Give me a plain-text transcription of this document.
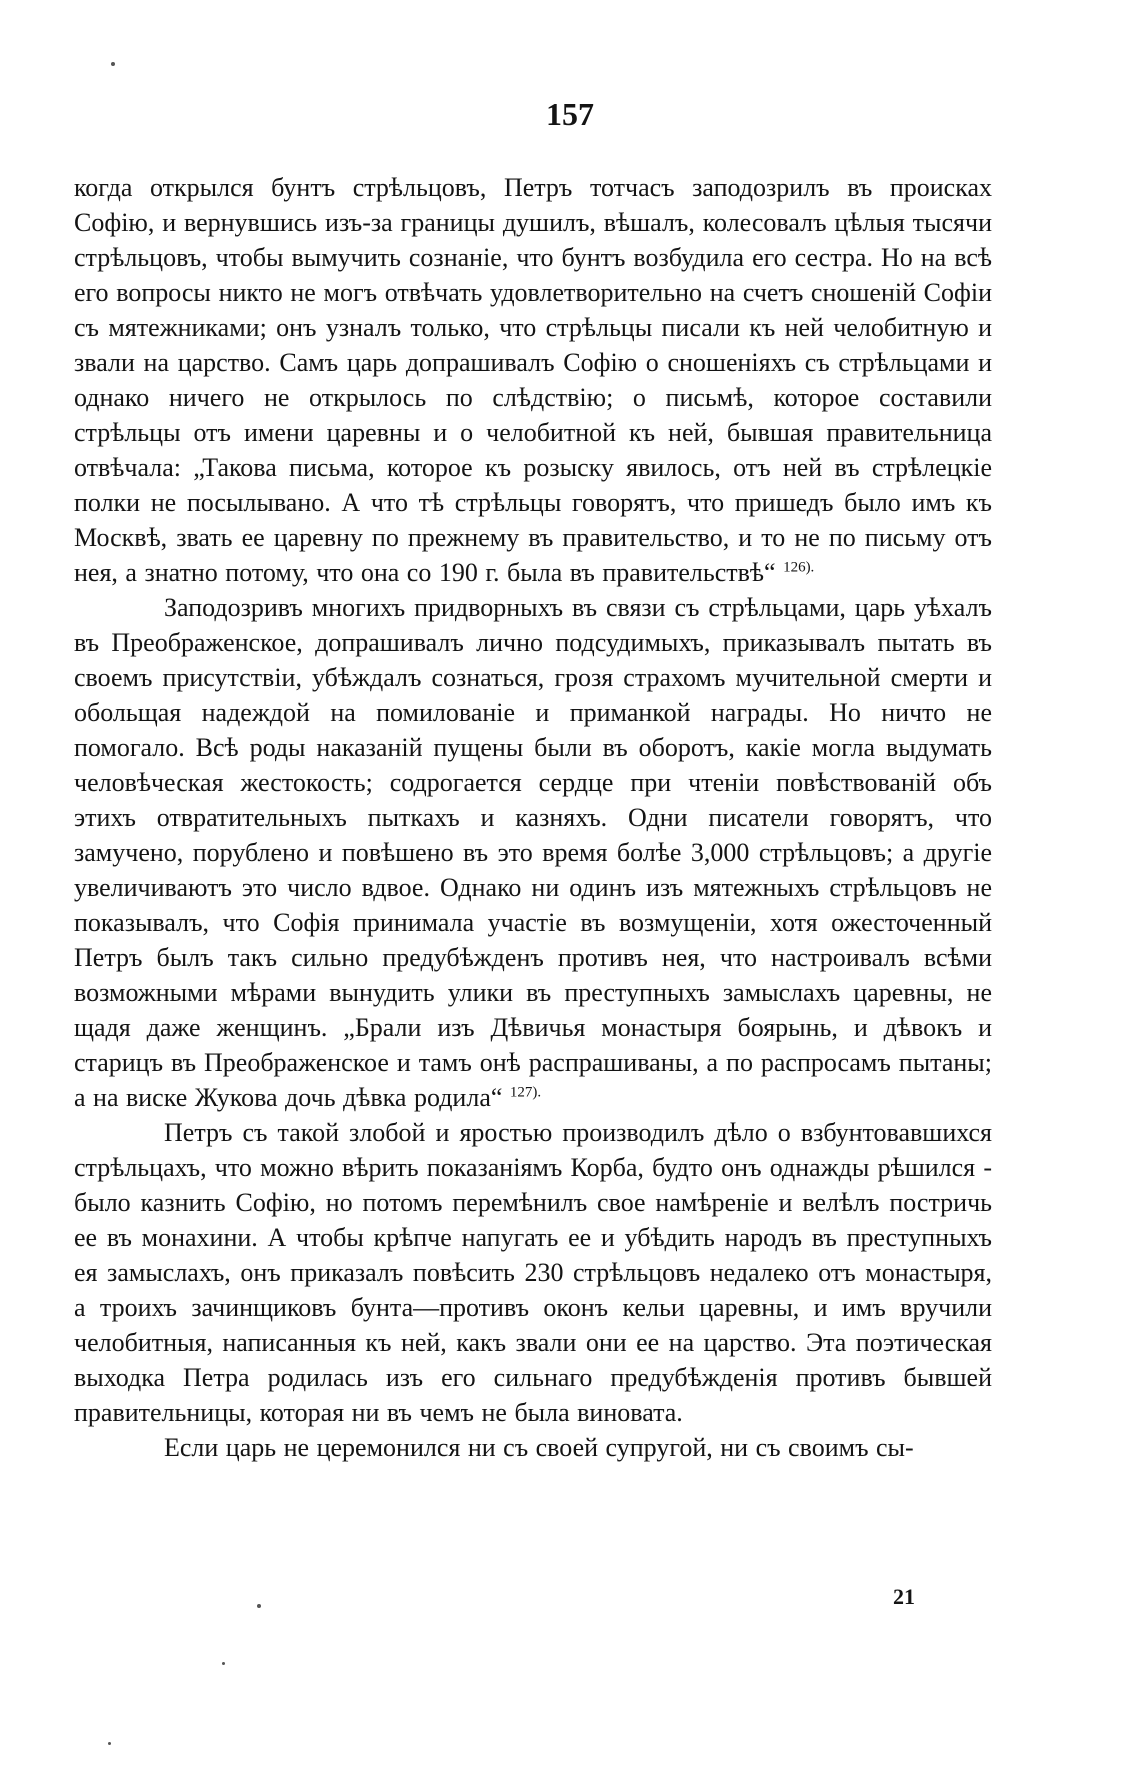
157

когда открылся бунтъ стрѣльцовъ, Петръ тотчасъ заподозрилъ въ происках Софію, и вернувшись изъ-за границы душилъ, вѣшалъ, колесовалъ цѣлыя тысячи стрѣльцовъ, чтобы вымучить сознаніе, что бунтъ возбудила его сестра. Но на всѣ его вопросы никто не могъ отвѣчать удовлетворительно на счетъ сношеній Софіи съ мятежниками; онъ узналъ только, что стрѣльцы писали къ ней челобитную и звали на царство. Самъ царь допрашивалъ Софію о сношеніяхъ съ стрѣльцами и однако ничего не открылось по слѣдствію; о письмѣ, которое составили стрѣльцы отъ имени царевны и о челобитной къ ней, бывшая правительница отвѣчала: „Такова письма, которое къ розыску явилось, отъ ней въ стрѣлецкіе полки не посылывано. А что тѣ стрѣльцы говорятъ, что пришедъ было имъ къ Москвѣ, звать ее царевну по прежнему въ правительство, и то не по письму отъ нея, а знатно потому, что она со 190 г. была въ правительствѣ“ $^{126).}$

Заподозривъ многихъ придворныхъ въ связи съ стрѣльцами, царь уѣхалъ въ Преображенское, допрашивалъ лично подсудимыхъ, приказывалъ пытать въ своемъ присутствіи, убѣждалъ сознаться, грозя страхомъ мучительной смерти и обольщая надеждой на помилованіе и приманкой награды. Но ничто не помогало. Всѣ роды наказаній пущены были въ оборотъ, какіе могла выдумать человѣческая жестокость; содрогается сердце при чтеніи повѣствованій объ этихъ отвратительныхъ пыткахъ и казняхъ. Одни писатели говорятъ, что замучено, порублено и повѣшено въ это время болѣе 3,000 стрѣльцовъ; а другіе увеличиваютъ это число вдвое. Однако ни одинъ изъ мятежныхъ стрѣльцовъ не показывалъ, что Софія принимала участіе въ возмущеніи, хотя ожесточенный Петръ былъ такъ сильно предубѣжденъ противъ нея, что настроивалъ всѣми возможными мѣрами вынудить улики въ преступныхъ замыслахъ царевны, не щадя даже женщинъ. „Брали изъ Дѣвичья монастыря боярынь, и дѣвокъ и старицъ въ Преображенское и тамъ онѣ распрашиваны, а по распросамъ пытаны; а на виске Жукова дочь дѣвка родила“ $^{127).}$

Петръ съ такой злобой и яростью производилъ дѣло о взбунтовавшихся стрѣльцахъ, что можно вѣрить показаніямъ Корба, будто онъ однажды рѣшился - было казнить Софію, но потомъ перемѣнилъ свое намѣреніе и велѣлъ постричь ее въ монахини. А чтобы крѣпче напугать ее и убѣдить народъ въ преступныхъ ея замыслахъ, онъ приказалъ повѣсить 230 стрѣльцовъ недалеко отъ монастыря, а троихъ зачинщиковъ бунта—противъ оконъ кельи царевны, и имъ вручили челобитныя, написанныя къ ней, какъ звали они ее на царство. Эта поэтическая выходка Петра родилась изъ его сильнаго предубѣжденія противъ бывшей правительницы, которая ни въ чемъ не была виновата.

Если царь не церемонился ни съ своей супругой, ни съ своимъ сы-

21
